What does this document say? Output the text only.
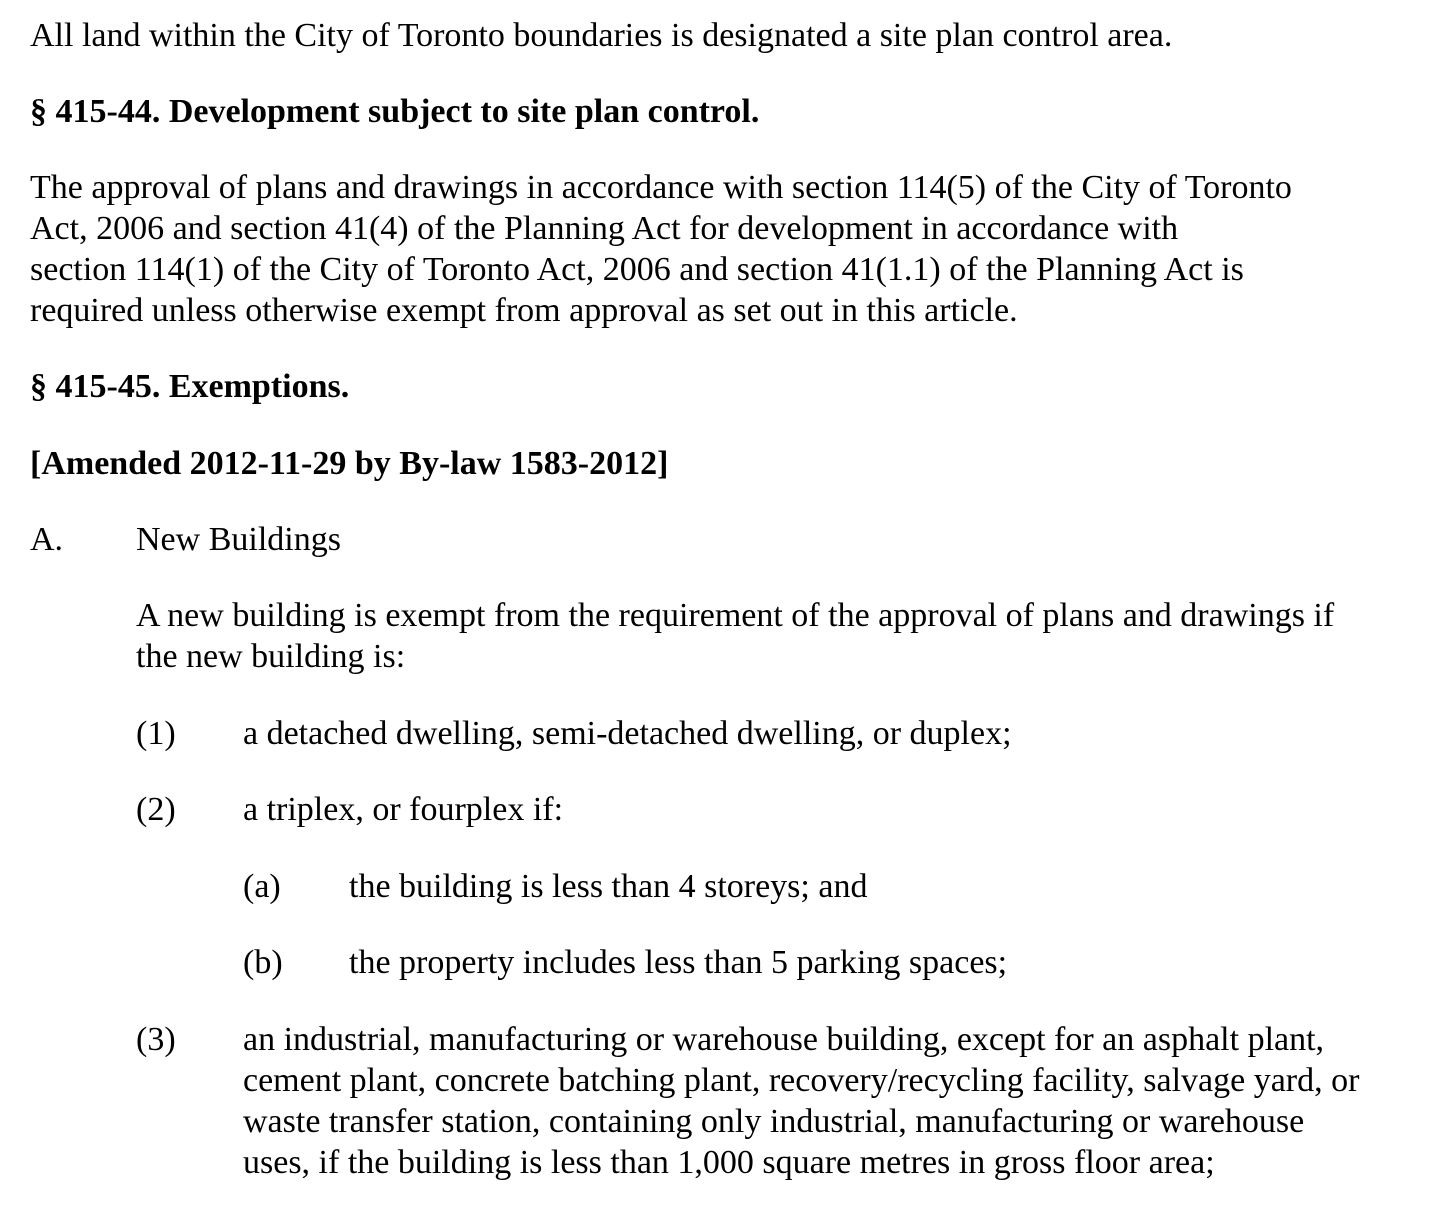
All land within the City of Toronto boundaries is designated a site plan control area.
§ 415-44. Development subject to site plan control.
The approval of plans and drawings in accordance with section 114(5) of the City of Toronto
Act, 2006 and section 41(4) of the Planning Act for development in accordance with
section 114(1) of the City of Toronto Act, 2006 and section 41(1.1) of the Planning Act is
required unless otherwise exempt from approval as set out in this article.
§ 415-45. Exemptions.
[Amended 2012-11-29 by By-law 1583-2012]
A. New Buildings
A new building is exempt from the requirement of the approval of plans and drawings if
the new building is:
(1) a detached dwelling, semi-detached dwelling, or duplex;
(2) a triplex, or fourplex if:
(a) the building is less than 4 storeys; and
(b) the property includes less than 5 parking spaces;
(3) an industrial, manufacturing or warehouse building, except for an asphalt plant,
cement plant, concrete batching plant, recovery/recycling facility, salvage yard, or
waste transfer station, containing only industrial, manufacturing or warehouse
uses, if the building is less than 1,000 square metres in gross floor area;
